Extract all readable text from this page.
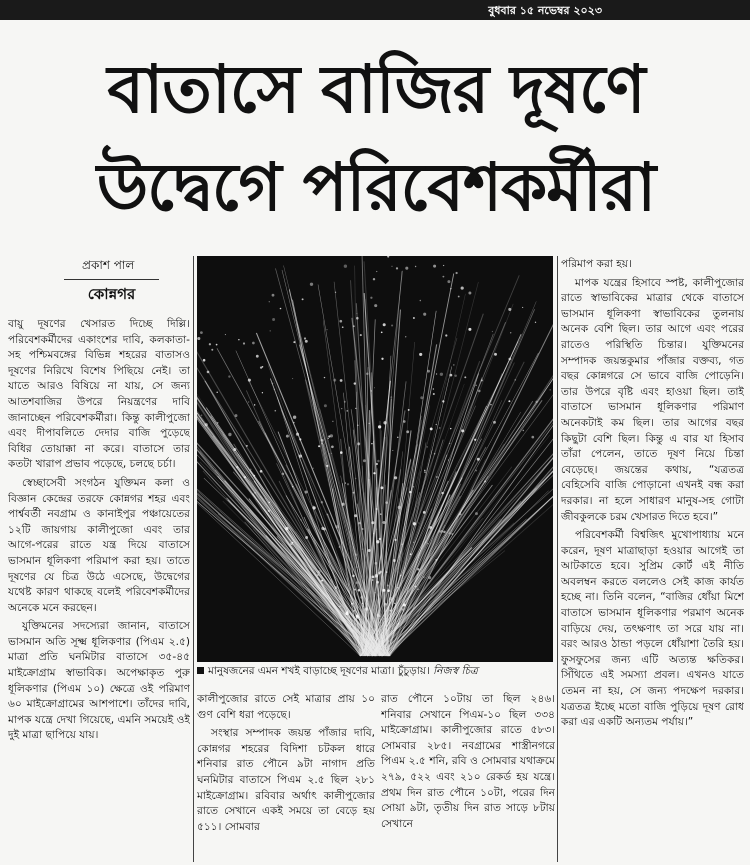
বুধবার ১৫ নভেম্বর ২০২৩
বাতাসে বাজির দূষণে
উদ্বেগে পরিবেশকর্মীরা
প্রকাশ পাল
কোন্নগর

বায়ু দূষণের খেসারত দিচ্ছে দিল্লি। পরিবেশকর্মীদের একাংশের দাবি, কলকাতা-সহ পশ্চিমবঙ্গের বিভিন্ন শহরের বাতাসও দূষণের নিরিখে বিশেষ পিছিয়ে নেই। তা যাতে আরও বিষিয়ে না যায়, সে জন্য আতশবাজির উপরে নিয়ন্ত্রণের দাবি জানাচ্ছেন পরিবেশকর্মীরা। কিন্তু কালীপুজো এবং দীপাবলিতে দেদার বাজি পুড়েছে বিধির তোয়াক্কা না করে। বাতাসে তার কতটা খারাপ প্রভাব পড়েছে, চলছে চর্চা।

স্বেচ্ছাসেবী সংগঠন যুক্তিমন কলা ও বিজ্ঞান কেন্দ্রের তরফে কোন্নগর শহর এবং পার্শ্ববর্তী নবগ্রাম ও কানাইপুর পঞ্চায়েতের ১২টি জায়গায় কালীপুজো এবং তার আগে-পরের রাতে যন্ত্র দিয়ে বাতাসে ভাসমান ধূলিকণা পরিমাপ করা হয়। তাতে দূষণের যে চিত্র উঠে এসেছে, উদ্বেগের যথেষ্ট কারণ থাকছে বলেই পরিবেশকর্মীদের অনেকে মনে করছেন।

যুক্তিমনের সদস্যেরা জানান, বাতাসে ভাসমান অতি সূক্ষ্ম ধূলিকণার (পিএম ২.৫) মাত্রা প্রতি ঘনমিটার বাতাসে ৩৫-৪৫ মাইক্রোগ্রাম স্বাভাবিক। অপেক্ষাকৃত পুরু ধূলিকণার (পিএম ১০) ক্ষেত্রে ওই পরিমাণ ৬০ মাইক্রোগ্রামের আশপাশে। তাঁদের দাবি, মাপক যন্ত্রে দেখা গিয়েছে, এমনি সময়েই ওই দুই মাত্রা ছাপিয়ে যায়।

মানুষজনের এমন শখই বাড়াচ্ছে দূষণের মাত্রা। চুঁচুড়ায়। নিজস্ব চিত্র

কালীপুজোর রাতে সেই মাত্রার প্রায় ১০ গুণ বেশি ধরা পড়েছে।

সংস্থার সম্পাদক জয়ন্ত পাঁজার দাবি, কোন্নগর শহরের বিদিশা চটকল ধারে শনিবার রাত পৌনে ৯টা নাগাদ প্রতি ঘনমিটার বাতাসে পিএম ২.৫ ছিল ২৮১ মাইক্রোগ্রাম। রবিবার অর্থাৎ কালীপুজোর রাতে সেখানে একই সময়ে তা বেড়ে হয় ৫১১। সোমবার

রাত পৌনে ১০টায় তা ছিল ২৪৬। শনিবার সেখানে পিএম-১০ ছিল ৩৩৪ মাইক্রোগ্রাম। কালীপুজোর রাতে ৫৮৩। সোমবার ২৮৫। নবগ্রামের শাস্ত্রীনগরে পিএম ২.৫ শনি, রবি ও সোমবার যথাক্রমে ২৭৯, ৫২২ এবং ২১০ রেকর্ড হয় যন্ত্রে। প্রথম দিন রাত পৌনে ১০টা, পরের দিন সোয়া ৯টা, তৃতীয় দিন রাত সাড়ে ৮টায় সেখানে

পরিমাপ করা হয়।

মাপক যন্ত্রের হিসাবে স্পষ্ট, কালীপুজোর রাতে স্বাভাবিকের মাত্রার থেকে বাতাসে ভাসমান ধূলিকণা স্বাভাবিকের তুলনায় অনেক বেশি ছিল। তার আগে এবং পরের রাতেও পরিস্থিতি চিন্তার। যুক্তিমনের সম্পাদক জয়ন্তকুমার পাঁজার বক্তব্য, গত বছর কোন্নগরে সে ভাবে বাজি পোড়েনি। তার উপরে বৃষ্টি এবং হাওয়া ছিল। তাই বাতাসে ভাসমান ধূলিকণার পরিমাণ অনেকটাই কম ছিল। তার আগের বছর কিছুটা বেশি ছিল। কিন্তু এ বার যা হিসাব তাঁরা পেলেন, তাতে দূষণ নিয়ে চিন্তা বেড়েছে। জয়ন্তের কথায়, “যত্রতত্র বেহিসেবি বাজি পোড়ানো এখনই বন্ধ করা দরকার। না হলে সাধারণ মানুষ-সহ গোটা জীবকুলকে চরম খেসারত দিতে হবে।”

পরিবেশকর্মী বিশ্বজিৎ মুখোপাধ্যায় মনে করেন, দূষণ মাত্রাছাড়া হওয়ার আগেই তা আটকাতে হবে। সুপ্রিম কোর্ট এই নীতি অবলম্বন করতে বললেও সেই কাজ কার্যত হচ্ছে না। তিনি বলেন, “বাজির ধোঁয়া মিশে বাতাসে ভাসমান ধূলিকণার পরমাণ অনেক বাড়িয়ে দেয়, তৎক্ষণাৎ তা সরে যায় না। বরং আরও ঠান্ডা পড়লে ধোঁয়াশা তৈরি হয়। ফুসফুসের জন্য এটি অত্যন্ত ক্ষতিকর। সিঁথিতে এই সমস্যা প্রবল। এখনও যাতে তেমন না হয়, সে জন্য পদক্ষেপ দরকার। যত্রতত্র ইচ্ছে মতো বাজি পুড়িয়ে দূষণ রোধ করা এর একটি অন্যতম পর্যায়।”
